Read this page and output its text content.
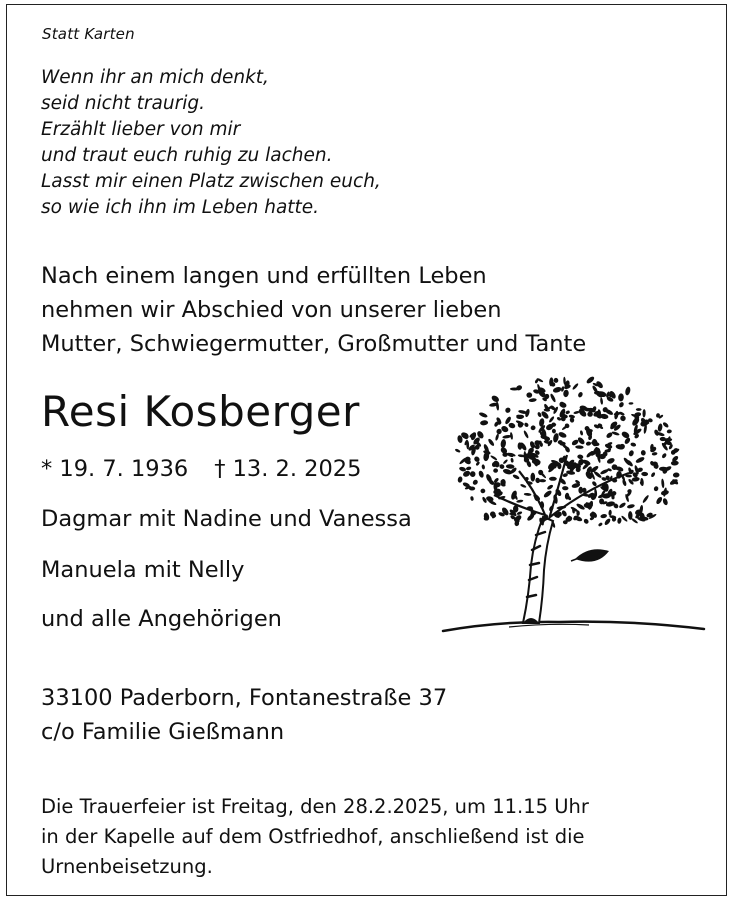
Statt Karten

Wenn ihr an mich denkt,
seid nicht traurig.
Erzählt lieber von mir
und traut euch ruhig zu lachen.
Lasst mir einen Platz zwischen euch,
so wie ich ihn im Leben hatte.
Nach einem langen und erfüllten Leben
nehmen wir Abschied von unserer lieben
Mutter, Schwiegermutter, Großmutter und Tante
Resi Kosberger
* 19. 7. 1936 † 13. 2. 2025
Dagmar mit Nadine und Vanessa
Manuela mit Nelly
und alle Angehörigen
33100 Paderborn, Fontanestraße 37
c/o Familie Gießmann
Die Trauerfeier ist Freitag, den 28.2.2025, um 11.15 Uhr
in der Kapelle auf dem Ostfriedhof, anschließend ist die
Urnenbeisetzung.
